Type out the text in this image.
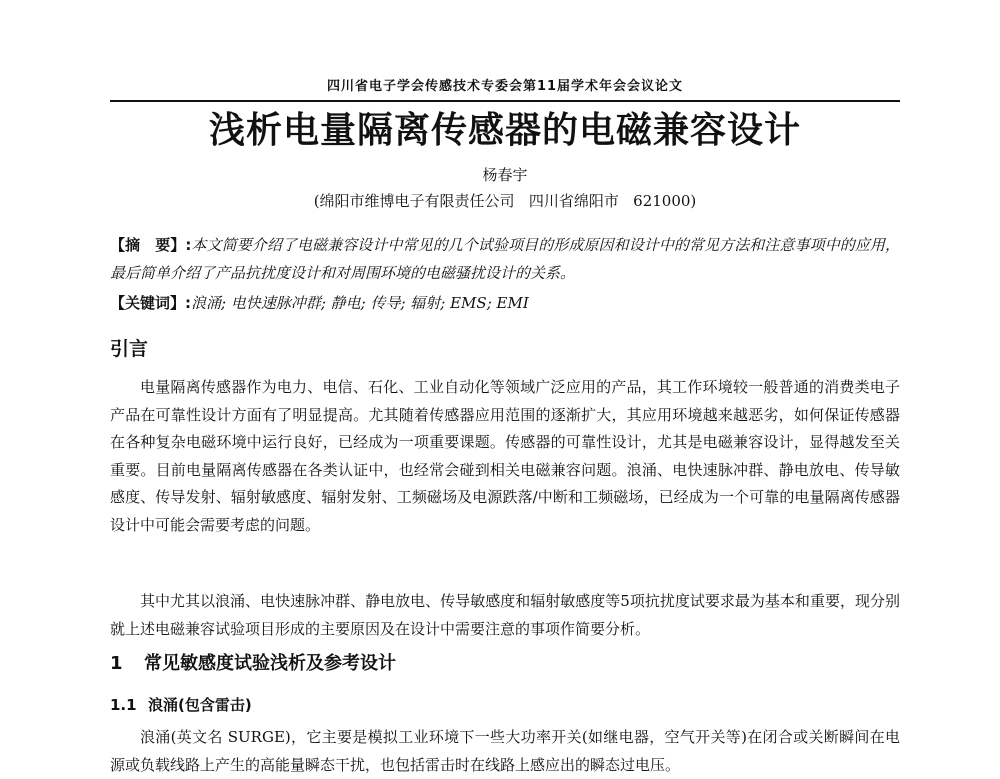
四川省电子学会传感技术专委会第11届学术年会会议论文
浅析电量隔离传感器的电磁兼容设计
杨春宇
(绵阳市维博电子有限责任公司   四川省绵阳市   621000)
【摘　要】:本文简要介绍了电磁兼容设计中常见的几个试验项目的形成原因和设计中的常见方法和注意事项中的应用，最后简单介绍了产品抗扰度设计和对周围环境的电磁骚扰设计的关系。
【关键词】:浪涌; 电快速脉冲群; 静电; 传导; 辐射; EMS; EMI
引言

电量隔离传感器作为电力、电信、石化、工业自动化等领域广泛应用的产品，其工作环境较一般普通的消费类电子产品在可靠性设计方面有了明显提高。尤其随着传感器应用范围的逐渐扩大，其应用环境越来越恶劣，如何保证传感器在各种复杂电磁环境中运行良好，已经成为一项重要课题。传感器的可靠性设计，尤其是电磁兼容设计，显得越发至关重要。目前电量隔离传感器在各类认证中，也经常会碰到相关电磁兼容问题。浪涌、电快速脉冲群、静电放电、传导敏感度、传导发射、辐射敏感度、辐射发射、工频磁场及电源跌落/中断和工频磁场，已经成为一个可靠的电量隔离传感器设计中可能会需要考虑的问题。

其中尤其以浪涌、电快速脉冲群、静电放电、传导敏感度和辐射敏感度等5项抗扰度试要求最为基本和重要，现分别就上述电磁兼容试验项目形成的主要原因及在设计中需要注意的事项作简要分析。

1 常见敏感度试验浅析及参考设计
1.1 浪涌(包含雷击)

浪涌(英文名 SURGE)，它主要是模拟工业环境下一些大功率开关(如继电器，空气开关等)在闭合或关断瞬间在电源或负载线路上产生的高能量瞬态干扰，也包括雷击时在线路上感应出的瞬态过电压。
